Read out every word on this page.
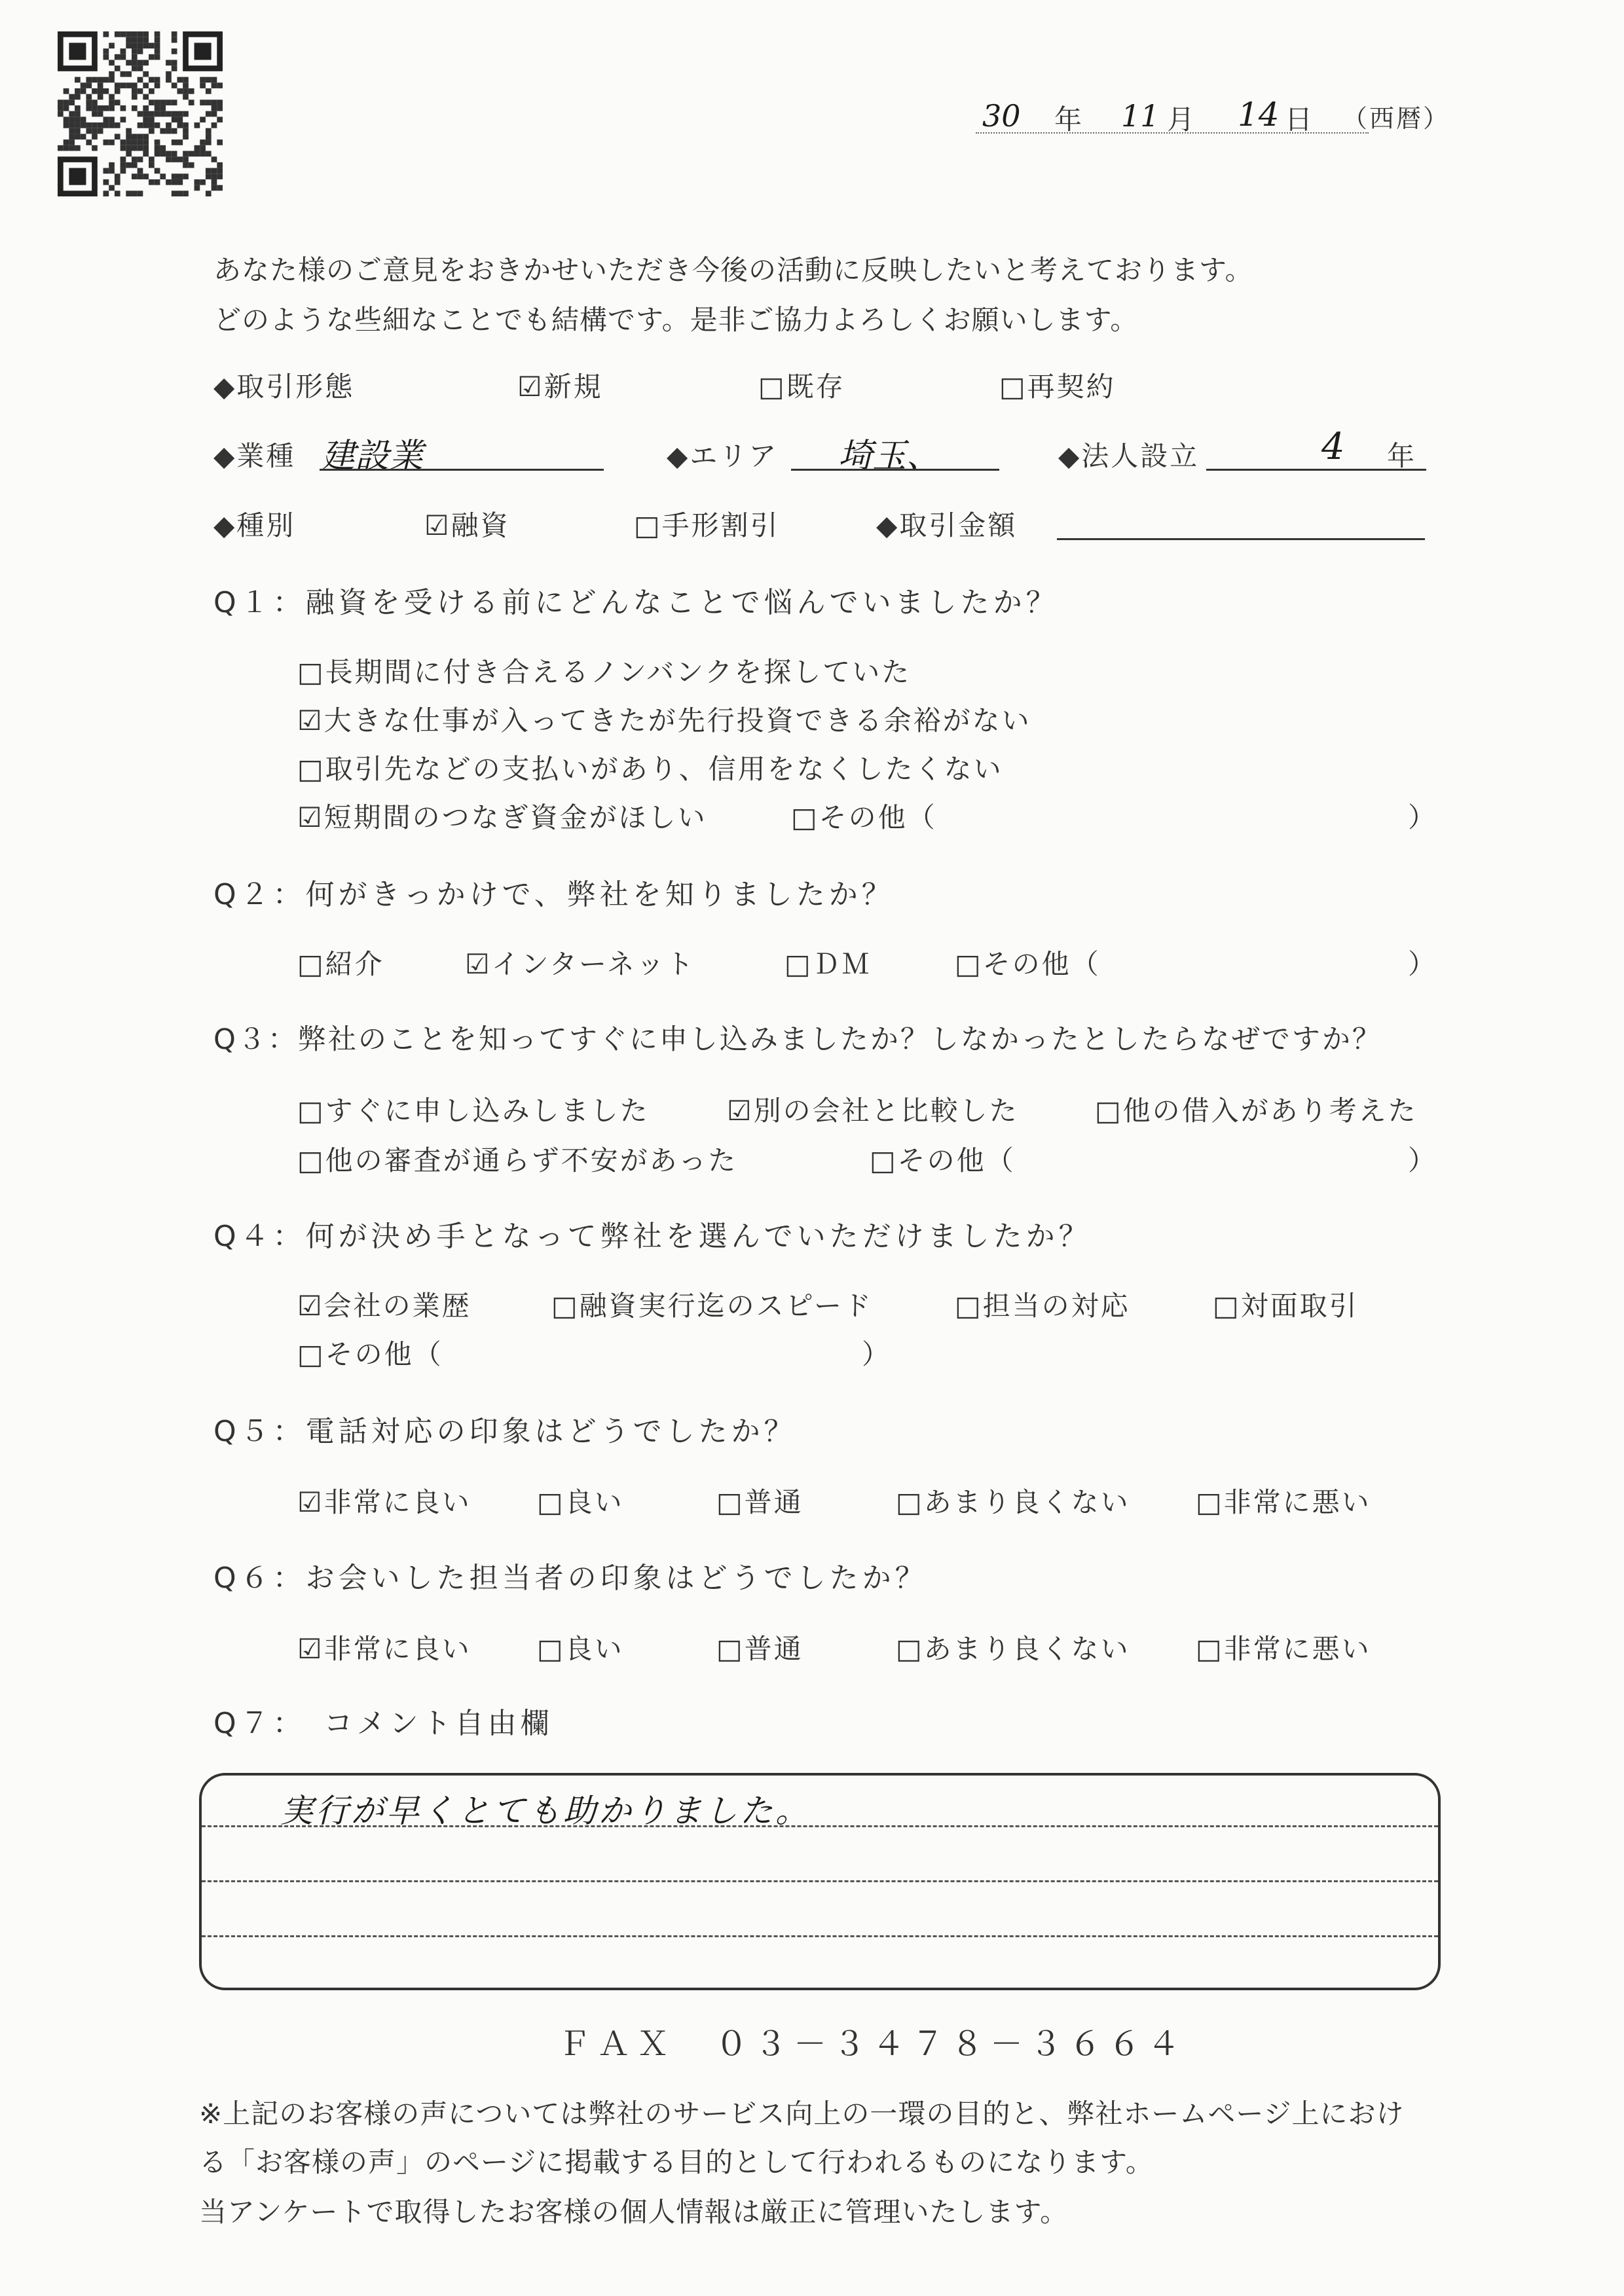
30 年 11 月 14 日 （西暦）
あなた様のご意見をおきかせいただき今後の活動に反映したいと考えております。
どのような些細なことでも結構です。是非ご協力よろしくお願いします。
◆取引形態	☑新規	□既存	□再契約
◆業種 建設業	◆エリア 埼玉、	◆法人設立	4 年
◆種別	☑融資	□手形割引	◆取引金額
Q１：融資を受ける前にどんなことで悩んでいましたか？
□長期間に付き合えるノンバンクを探していた
☑大きな仕事が入ってきたが先行投資できる余裕がない
□取引先などの支払いがあり、信用をなくしたくない
☑短期間のつなぎ資金がほしい	□その他（	）
Q２：何がきっかけで、弊社を知りましたか？
□紹介	☑インターネット	□ＤＭ	□その他（	）
Q３：弊社のことを知ってすぐに申し込みましたか？しなかったとしたらなぜですか？
□すぐに申し込みしました	☑別の会社と比較した	□他の借入があり考えた
□他の審査が通らず不安があった	□その他（	）
Q４：何が決め手となって弊社を選んでいただけましたか？
☑会社の業歴	□融資実行迄のスピード	□担当の対応	□対面取引
□その他（	）
Q５：電話対応の印象はどうでしたか？
☑非常に良い □良い	□普通	□あまり良くない □非常に悪い
Q６：お会いした担当者の印象はどうでしたか？
☑非常に良い □良い	□普通	□あまり良くない □非常に悪い
Q７：　コメント自由欄
実行が早くとても助かりました。
ＦＡＸ　０３－３４７８－３６６４
※上記のお客様の声については弊社のサービス向上の一環の目的と、弊社ホームページ上におけ
る「お客様の声」のページに掲載する目的として行われるものになります。
当アンケートで取得したお客様の個人情報は厳正に管理いたします。
